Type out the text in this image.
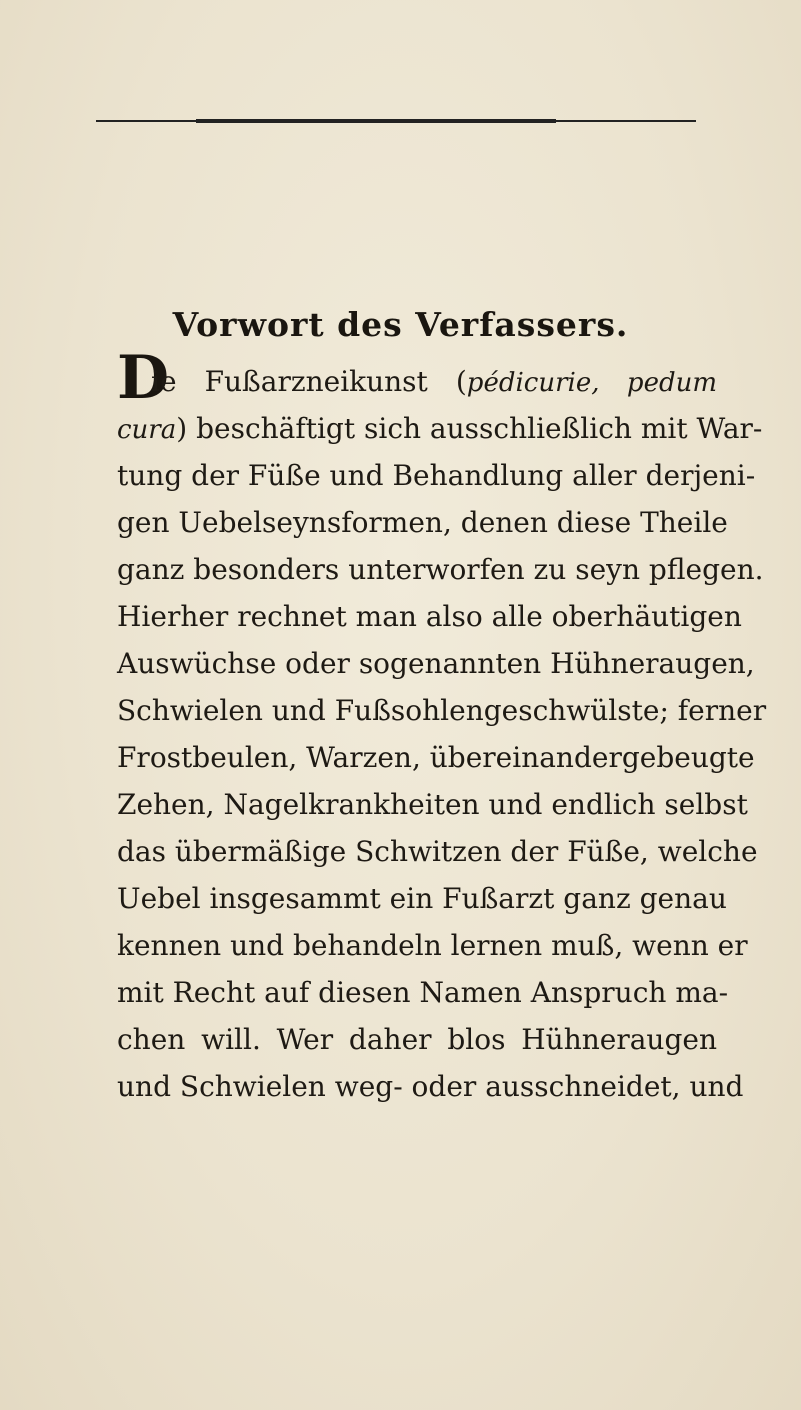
Vorwort des Verfassers.
D
ie Fußarzneikunst (pédicurie, pedum
cura) beschäftigt sich ausschließlich mit War-
tung der Füße und Behandlung aller derjeni-
gen Uebelseynsformen, denen diese Theile
ganz besonders unterworfen zu seyn pflegen.
Hierher rechnet man also alle oberhäutigen
Auswüchse oder sogenannten Hühneraugen,
Schwielen und Fußsohlengeschwülste; ferner
Frostbeulen, Warzen, übereinandergebeugte
Zehen, Nagelkrankheiten und endlich selbst
das übermäßige Schwitzen der Füße, welche
Uebel insgesammt ein Fußarzt ganz genau
kennen und behandeln lernen muß, wenn er
mit Recht auf diesen Namen Anspruch ma-
chen will. Wer daher blos Hühneraugen
und Schwielen weg- oder ausschneidet, und
